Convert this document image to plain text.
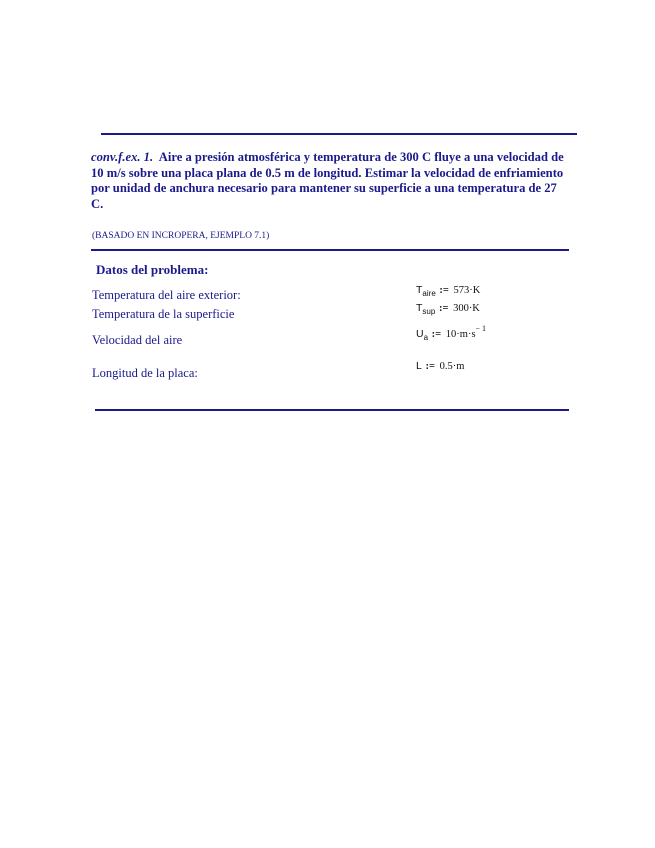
conv.f.ex. 1. Aire a presión atmosférica y temperatura de 300 C fluye a una velocidad de 10 m/s sobre una placa plana de 0.5 m de longitud. Estimar la velocidad de enfriamiento por unidad de anchura necesario para mantener su superficie a una temperatura de 27 C.
(BASADO EN INCROPERA, EJEMPLO 7.1)
Datos del problema:
Temperatura del aire exterior:	$T_{aire}$ := 573·K
Temperatura de la superficie	$T_{sup}$ := 300·K
Velocidad del aire	$U_a$ := $10\cdot m\cdot s^{- 1}$
Longitud de la placa:	L := 0.5·m
